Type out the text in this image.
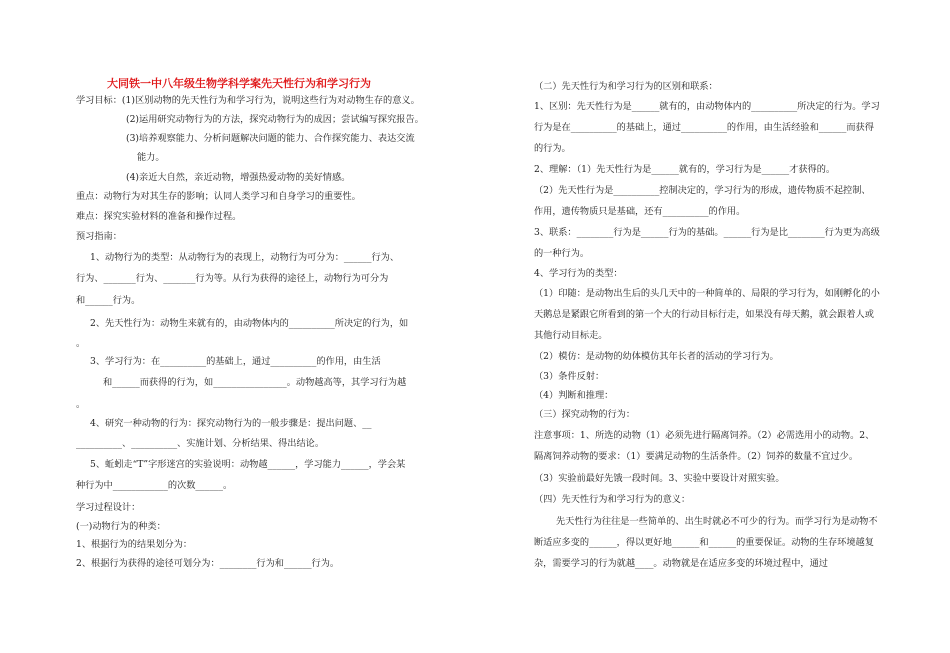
大同铁一中八年级生物学科学案先天性行为和学习行为
学习目标：(1)区别动物的先天性行为和学习行为，说明这些行为对动物生存的意义。
(2)运用研究动物行为的方法，探究动物行为的成因；尝试编写探究报告。
(3)培养观察能力、分析问题解决问题的能力、合作探究能力、表达交流
能力。
(4)亲近大自然，亲近动物，增强热爱动物的美好情感。
重点：动物行为对其生存的影响；认同人类学习和自身学习的重要性。
难点：探究实验材料的准备和操作过程。
预习指南：
1、动物行为的类型：从动物行为的表现上，动物行为可分为：______行为、
行为、_______行为、_______行为等。从行为获得的途径上，动物行为可分为
和______行为。
2、先天性行为：动物生来就有的，由动物体内的__________所决定的行为，如
。
3、学习行为：在__________的基础上，通过__________的作用，由生活
和______而获得的行为，如________________。动物越高等，其学习行为越
。
4、研究一种动物的行为：探究动物行为的一般步骤是：提出问题、__
__________、__________、实施计划、分析结果、得出结论。
5、蚯蚓走“T”字形迷宫的实验说明：动物越______，学习能力______，学会某
种行为中____________的次数______。
学习过程设计：
(一)动物行为的种类：
1、根据行为的结果划分为：
2、根据行为获得的途径可划分为：________行为和______行为。
（二）先天性行为和学习行为的区别和联系：
1、区别：先天性行为是______就有的，由动物体内的__________所决定的行为。学习
行为是在__________的基础上，通过__________的作用，由生活经验和______而获得
的行为。
2、理解：（1）先天性行为是______就有的，学习行为是______才获得的。
（2）先天性行为是__________控制决定的，学习行为的形成，遗传物质不起控制、
作用，遗传物质只是基础，还有__________的作用。
3、联系：________行为是______行为的基础。______行为是比________行为更为高级
的一种行为。
4、学习行为的类型：
（1）印随：是动物出生后的头几天中的一种简单的、局限的学习行为，如刚孵化的小
天鹅总是紧跟它所看到的第一个大的行动目标行走，如果没有母天鹅，就会跟着人或
其他行动目标走。
（2）模仿：是动物的幼体模仿其年长者的活动的学习行为。
（3）条件反射：
（4）判断和推理：
（三）探究动物的行为：
注意事项：1、所选的动物（1）必须先进行隔离饲养。（2）必需选用小的动物。2、
隔离饲养动物的要求：（1）要满足动物的生活条件。（2）饲养的数量不宜过少。
（3）实验前最好先饿一段时间。3、实验中要设计对照实验。
（四）先天性行为和学习行为的意义：
先天性行为往往是一些简单的、出生时就必不可少的行为。而学习行为是动物不
断适应多变的______，得以更好地______和______的重要保证。动物的生存环境越复
杂，需要学习的行为就越____。动物就是在适应多变的环境过程中，通过
